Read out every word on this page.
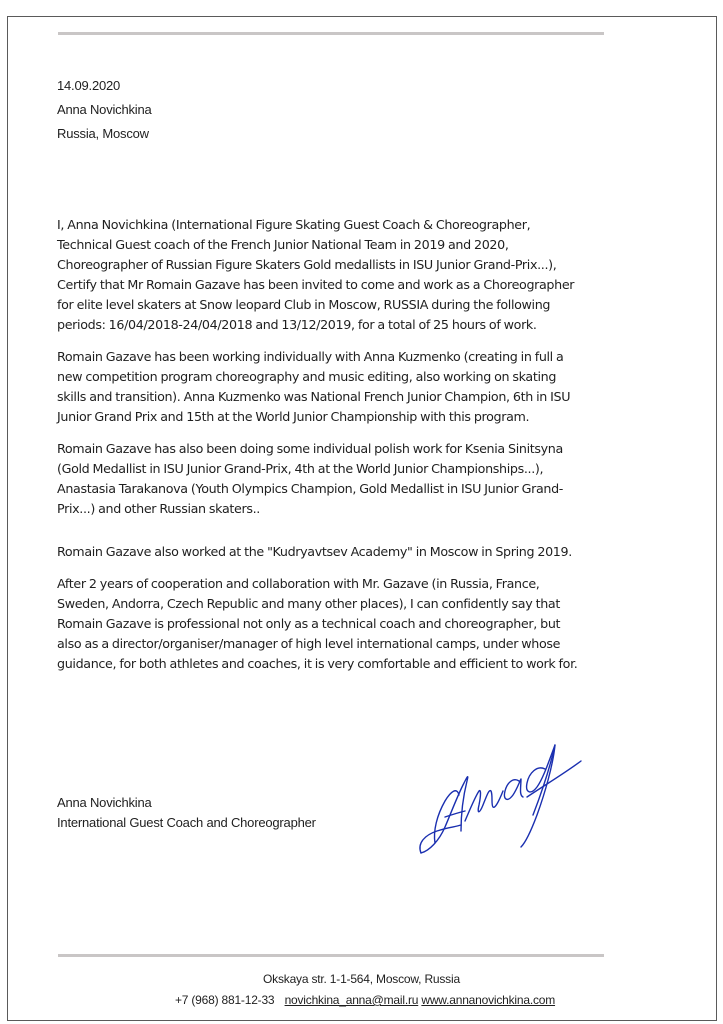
14.09.2020
Anna Novichkina
Russia, Moscow

I, Anna Novichkina (International Figure Skating Guest Coach & Choreographer,

Technical Guest coach of the French Junior National Team in 2019 and 2020,

Choreographer of Russian Figure Skaters Gold medallists in ISU Junior Grand-Prix...),

Certify that Mr Romain Gazave has been invited to come and work as a Choreographer

for elite level skaters at Snow leopard Club in Moscow, RUSSIA during the following

periods: 16/04/2018-24/04/2018 and 13/12/2019, for a total of 25 hours of work.

Romain Gazave has been working individually with Anna Kuzmenko (creating in full a

new competition program choreography and music editing, also working on skating

skills and transition). Anna Kuzmenko was National French Junior Champion, 6th in ISU

Junior Grand Prix and 15th at the World Junior Championship with this program.

Romain Gazave has also been doing some individual polish work for Ksenia Sinitsyna

(Gold Medallist in ISU Junior Grand-Prix, 4th at the World Junior Championships...),

Anastasia Tarakanova (Youth Olympics Champion, Gold Medallist in ISU Junior Grand-

Prix...) and other Russian skaters..

Romain Gazave also worked at the "Kudryavtsev Academy" in Moscow in Spring 2019.

After 2 years of cooperation and collaboration with Mr. Gazave (in Russia, France,

Sweden, Andorra, Czech Republic and many other places), I can confidently say that

Romain Gazave is professional not only as a technical coach and choreographer, but

also as a director/organiser/manager of high level international camps, under whose

guidance, for both athletes and coaches, it is very comfortable and efficient to work for.

Anna Novichkina
International Guest Coach and Choreographer
Okskaya str. 1-1-564, Moscow, Russia
+7 (968) 881-12-33 novichkina_anna@mail.ru www.annanovichkina.com
